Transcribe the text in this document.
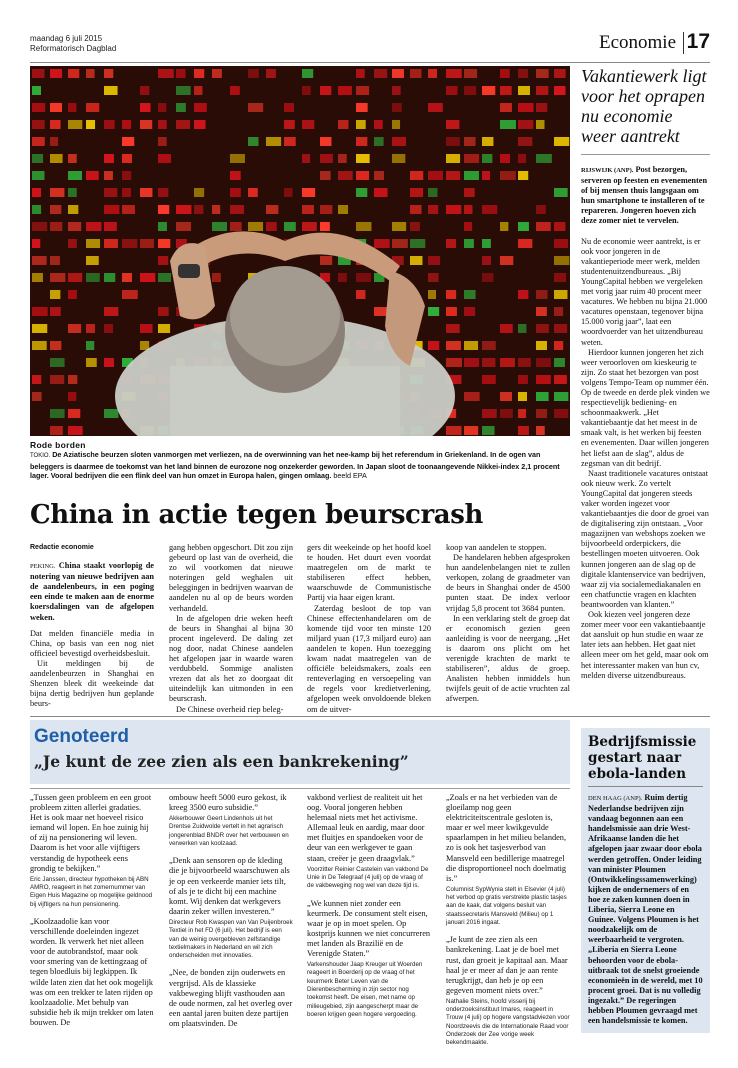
maandag 6 juli 2015
Reformatorisch Dagblad	Economie 17
Rode borden
TOKIO. De Aziatische beurzen sloten vanmorgen met verliezen, na de overwinning van het nee-kamp bij het referendum in Griekenland. In de ogen van beleggers is daarmee de toekomst van het land binnen de eurozone nog onzekerder geworden. In Japan sloot de toonaangevende Nikkei-index 2,1 procent lager. Vooral bedrijven die een flink deel van hun omzet in Europa halen, gingen omlaag. beeld EPA
China in actie tegen beurscrash
Redactie economie

PEKING. China staakt voorlopig de notering van nieuwe bedrijven aan de aandelenbeurs, in een poging een einde te maken aan de enorme koersdalingen van de afgelopen weken.

Dat melden financiële media in China, op basis van een nog niet officieel bevestigd overheidsbesluit.

Uit meldingen bij de aandelenbeurzen in Shanghai en Shenzen bleek dit weekeinde dat bijna dertig bedrijven hun geplande beurs-

gang hebben opgeschort. Dit zou zijn gebeurd op last van de overheid, die zo wil voorkomen dat nieuwe noteringen geld weghalen uit beleggingen in bedrijven waarvan de aandelen nu al op de beurs worden verhandeld.

In de afgelopen drie weken heeft de beurs in Shanghai al bijna 30 procent ingeleverd. De daling zet nog door, nadat Chinese aandelen het afgelopen jaar in waarde waren verdubbeld. Sommige analisten vrezen dat als het zo doorgaat dit uiteindelijk kan uitmonden in een beurscrash.

De Chinese overheid riep beleg-

gers dit weekeinde op het hoofd koel te houden. Het duurt even voordat maatregelen om de markt te stabiliseren effect hebben, waarschuwde de Communistische Partij via haar eigen krant.

Zaterdag besloot de top van Chinese effectenhandelaren om de komende tijd voor ten minste 120 miljard yuan (17,3 miljard euro) aan aandelen te kopen. Hun toezegging kwam nadat maatregelen van de officiële beleidsmakers, zoals een renteverlaging en versoepeling van de regels voor kredietverlening, afgelopen week onvoldoende bleken om de uitver-

koop van aandelen te stoppen.

De handelaren hebben afgesproken hun aandelenbelangen niet te zullen verkopen, zolang de graadmeter van de beurs in Shanghai onder de 4500 punten staat. De index verloor vrijdag 5,8 procent tot 3684 punten.

In een verklaring stelt de groep dat er economisch gezien geen aanleiding is voor de neergang. „Het is daarom ons plicht om het verenigde krachten de markt te stabiliseren”, aldus de groep. Analisten hebben inmiddels hun twijfels geuit of de actie vruchten zal afwerpen.

Vakantiewerk ligt voor het oprapen nu economie weer aantrekt
RIJSWIJK (ANP). Post bezorgen, serveren op feesten en evenementen of bij mensen thuis langsgaan om hun smartphone te installeren of te repareren. Jongeren hoeven zich deze zomer niet te vervelen.

Nu de economie weer aantrekt, is er ook voor jongeren in de vakantieperiode meer werk, melden studentenuitzendbureaus. „Bij YoungCapital hebben we vergeleken met vorig jaar ruim 40 procent meer vacatures. We hebben nu bijna 21.000 vacatures openstaan, tegenover bijna 15.000 vorig jaar”, laat een woordvoerder van het uitzendbureau weten.

Hierdoor kunnen jongeren het zich weer veroorloven om kieskeurig te zijn. Zo staat het bezorgen van post volgens Tempo-Team op nummer één. Op de tweede en derde plek vinden we respectievelijk bediening- en schoonmaakwerk. „Het vakantiebaantje dat het meest in de smaak valt, is het werken bij feesten en evenementen. Daar willen jongeren het liefst aan de slag”, aldus de zegsman van dit bedrijf.

Naast traditionele vacatures ontstaat ook nieuw werk. Zo vertelt YoungCapital dat jongeren steeds vaker worden ingezet voor vakantiebaantjes die door de groei van de digitalisering zijn ontstaan. „Voor magazijnen van webshops zoeken we bijvoorbeeld orderpickers, die bestellingen moeten uitvoeren. Ook kunnen jongeren aan de slag op de digitale klantenservice van bedrijven, waar zij via socialemediakanalen en een chatfunctie vragen en klachten beantwoorden van klanten.”

Ook kiezen veel jongeren deze zomer meer voor een vakantiebaantje dat aansluit op hun studie en waar ze later iets aan hebben. Het gaat niet alleen meer om het geld, maar ook om het interessanter maken van hun cv, melden diverse uitzendbureaus.

Genoteerd
„Je kunt de zee zien als een bankrekening”
„Tussen geen probleem en een groot probleem zitten allerlei gradaties. Het is ook maar net hoeveel risico iemand wil lopen. En hoe zuinig hij of zij na pensionering wil leven. Daarom is het voor alle vijftigers verstandig de hypotheek eens grondig te bekijken.”
Eric Janssen, directeur hypotheken bij ABN AMRO, reageert in het zomernummer van Eigen Huis Magazine op mogelijke geldnood bij vijftigers na hun pensionering.
„Koolzaadolie kan voor verschillende doeleinden ingezet worden. Ik verwerk het niet alleen voor de autobrandstof, maar ook voor smering van de kettingzaag of tegen bloedluis bij legkippen. Ik wilde laten zien dat het ook mogelijk was om een trekker te laten rijden op koolzaadolie. Met behulp van subsidie heb ik mijn trekker om laten bouwen. De
ombouw heeft 5000 euro gekost, ik kreeg 3500 euro subsidie.”
Akkerbouwer Geert Lindenhols uit het Drentse Zuidwolde vertelt in het agrarisch jongerenblad BNDR over het verbouwen en verwerken van koolzaad.
„Denk aan sensoren op de kleding die je bijvoorbeeld waarschuwen als je op een verkeerde manier iets tilt, of als je te dicht bij een machine komt. Wij denken dat werkgevers daarin zeker willen investeren.”
Directeur Rob Kwaspen van Van Puijenbroek Textiel in het FD (6 juli). Het bedrijf is een van de weinig overgebleven zelfstandige textielmakers in Nederland en wil zich onderscheiden met innovaties.
„Nee, de bonden zijn ouderwets en vergrijsd. Als de klassieke vakbeweging blijft vasthouden aan de oude normen, zal het overleg over een aantal jaren buiten deze partijen om plaatsvinden. De
vakbond verliest de realiteit uit het oog. Vooral jongeren hebben helemaal niets met het activisme. Allemaal leuk en aardig, maar door met fluitjes en spandoeken voor de deur van een werkgever te gaan staan, creëer je geen draagvlak.”
Voorzitter Reinier Castelein van vakbond De Unie in De Telegraaf (4 juli) op de vraag of de vakbeweging nog wel van deze tijd is.
„We kunnen niet zonder een keurmerk. De consument stelt eisen, waar je op in moet spelen. Op kostprijs kunnen we niet concurreren met landen als Brazilië en de Verenigde Staten.”
Varkenshouder Jaap Kreuger uit Woerden reageert in Boerderij op de vraag of het keurmerk Beter Leven van de Dierenbescherming in zijn sector nog toekomst heeft. De eisen, met name op milieugebied, zijn aangescherpt maar de boeren krijgen geen hogere vergoeding.
„Zoals er na het verbieden van de gloeilamp nog geen elektriciteitscentrale gesloten is, maar er wel meer kwikgevulde spaarlampen in het milieu belanden, zo is ook het tasjesverbod van Mansveld een bedillerige maatregel die disproportioneel noch doelmatig is.”
Columnist SypWynia stelt in Elsevier (4 juli) het verbod op gratis verstrekte plastic tasjes aan de kaak, dat volgens besluit van staatssecretaris Mansveld (Milieu) op 1 januari 2016 ingaat.
„Je kunt de zee zien als een bankrekening. Laat je de boel met rust, dan groeit je kapitaal aan. Maar haal je er meer af dan je aan rente terugkrijgt, dan heb je op een gegeven moment niets over.”
Nathalie Steins, hoofd visserij bij onderzoeksinstituut Imares, reageert in Trouw (4 juli) op hogere vangstadviezen voor Noordzeevis die de Internationale Raad voor Onderzoek der Zee vorige week bekendmaakte.
Bedrijfsmissie gestart naar ebola-landen
DEN HAAG (ANP). Ruim dertig Nederlandse bedrijven zijn vandaag begonnen aan een handelsmissie aan drie West-Afrikaanse landen die het afgelopen jaar zwaar door ebola werden getroffen. Onder leiding van minister Ploumen (Ontwikkelingssamenwerking) kijken de ondernemers of en hoe ze zaken kunnen doen in Liberia, Sierra Leone en Guinee. Volgens Ploumen is het noodzakelijk om de weerbaarheid te vergroten. „Liberia en Sierra Leone behoorden voor de ebola-uitbraak tot de snelst groeiende economieën in de wereld, met 10 procent groei. Dat is nu volledig ingezakt.” De regeringen hebben Ploumen gevraagd met een handelsmissie te komen.
